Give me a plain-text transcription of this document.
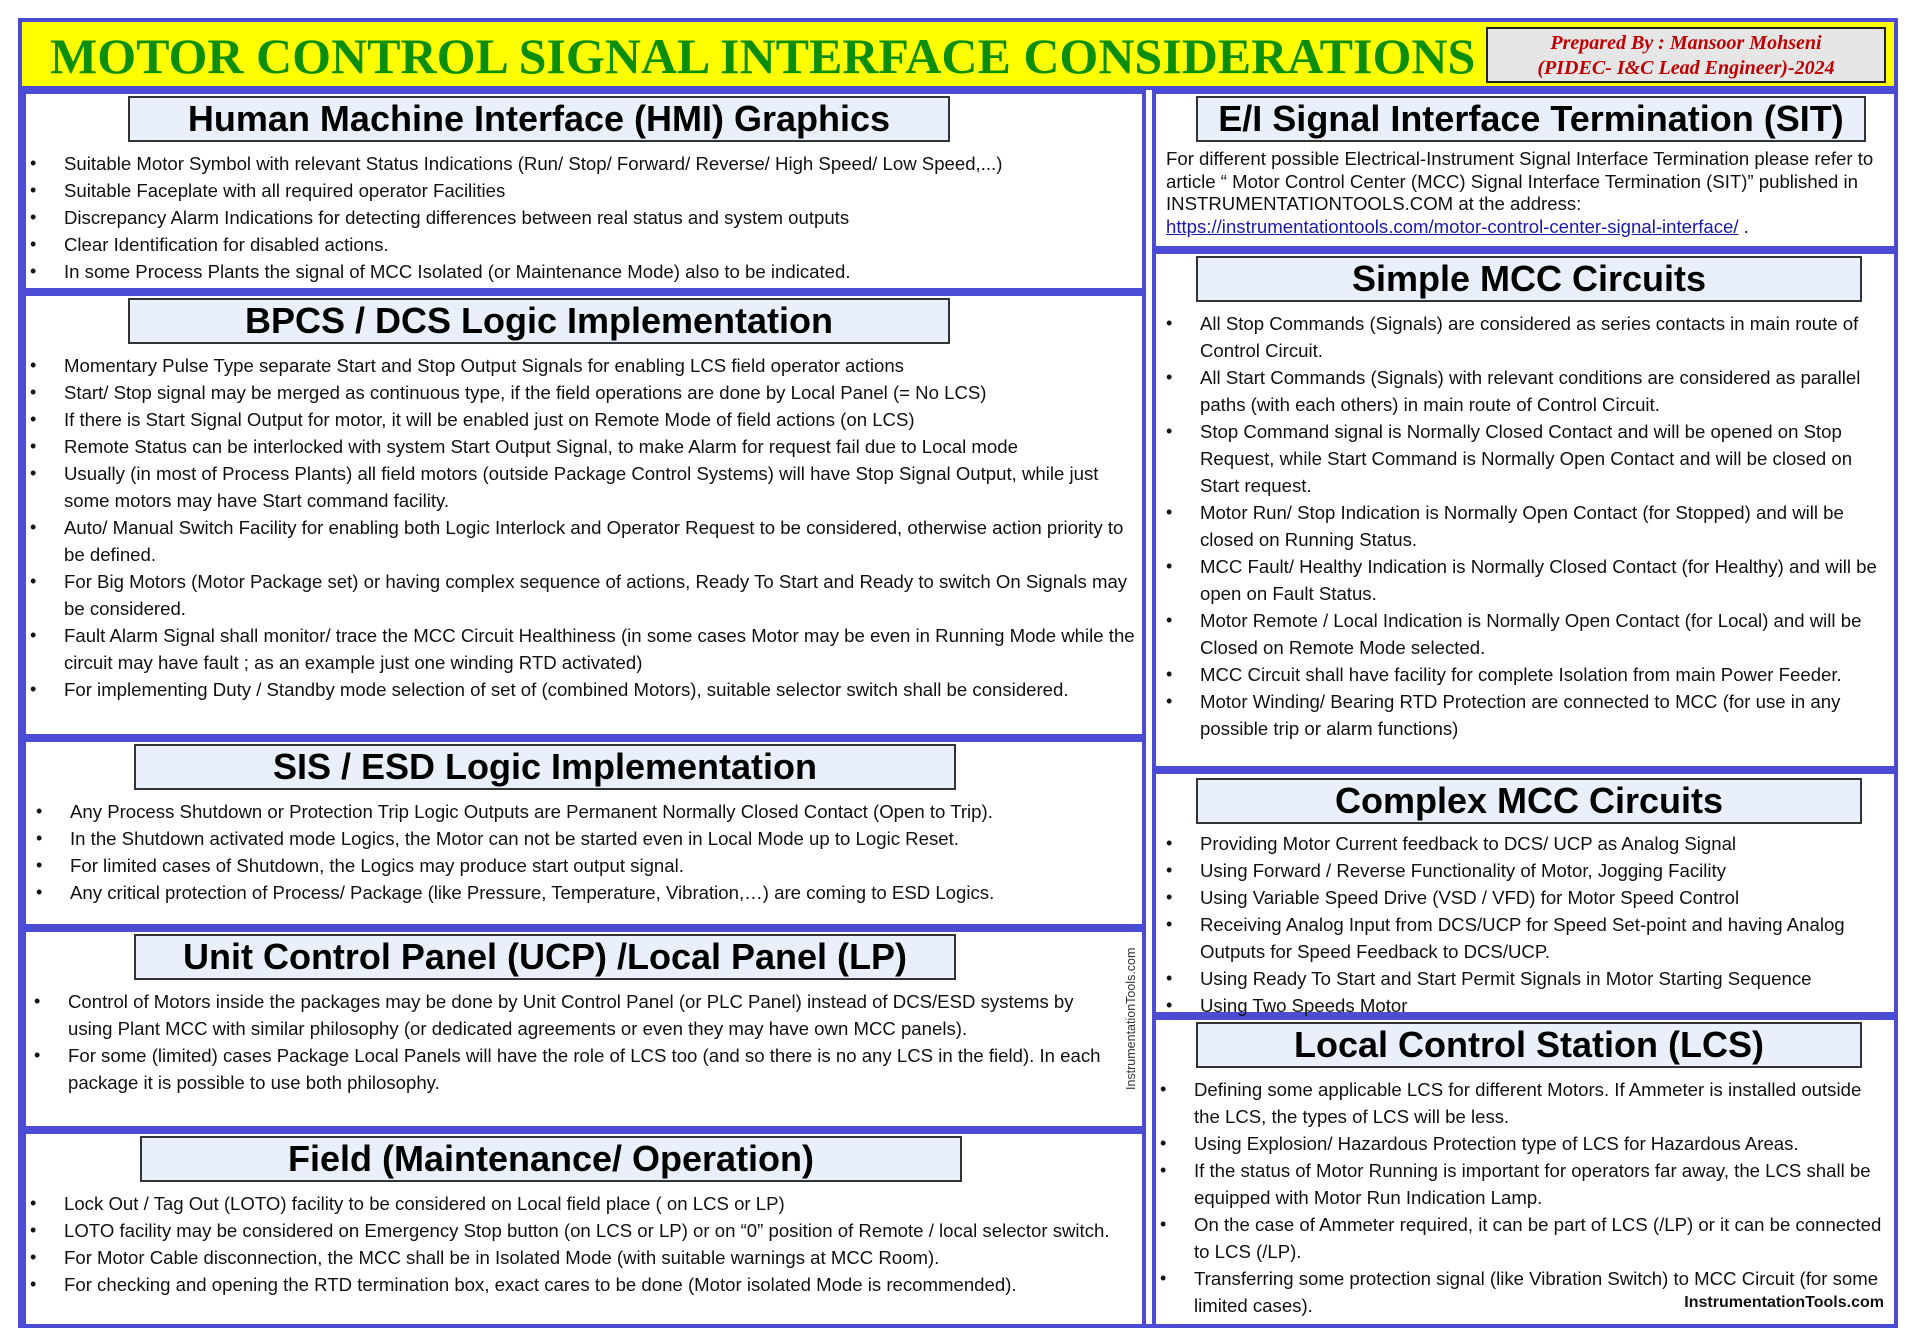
MOTOR CONTROL SIGNAL INTERFACE CONSIDERATIONS	Prepared By : Mansoor Mohseni
(PIDEC- I&C Lead Engineer)-2024
Human Machine Interface (HMI) Graphics
• Suitable Motor Symbol with relevant Status Indications (Run/ Stop/ Forward/ Reverse/ High Speed/ Low Speed,...)
• Suitable Faceplate with all required operator Facilities
• Discrepancy Alarm Indications for detecting differences between real status and system outputs
• Clear Identification for disabled actions.
• In some Process Plants the signal of MCC Isolated (or Maintenance Mode) also to be indicated.
BPCS / DCS Logic Implementation
• Momentary Pulse Type separate Start and Stop Output Signals for enabling LCS field operator actions
• Start/ Stop signal may be merged as continuous type, if the field operations are done by Local Panel (= No LCS)
• If there is Start Signal Output for motor, it will be enabled just on Remote Mode of field actions (on LCS)
• Remote Status can be interlocked with system Start Output Signal, to make Alarm for request fail due to Local mode
• Usually (in most of Process Plants) all field motors (outside Package Control Systems) will have Stop Signal Output, while just some motors may have Start command facility.
• Auto/ Manual Switch Facility for enabling both Logic Interlock and Operator Request to be considered, otherwise action priority to be defined.
• For Big Motors (Motor Package set) or having complex sequence of actions, Ready To Start and Ready to switch On Signals may be considered.
• Fault Alarm Signal shall monitor/ trace the MCC Circuit Healthiness (in some cases Motor may be even in Running Mode while the circuit may have fault ; as an example just one winding RTD activated)
• For implementing Duty / Standby mode selection of set of (combined Motors), suitable selector switch shall be considered.
SIS / ESD Logic Implementation
• Any Process Shutdown or Protection Trip Logic Outputs are Permanent Normally Closed Contact (Open to Trip).
• In the Shutdown activated mode Logics, the Motor can not be started even in Local Mode up to Logic Reset.
• For limited cases of Shutdown, the Logics may produce start output signal.
• Any critical protection of Process/ Package (like Pressure, Temperature, Vibration,…) are coming to ESD Logics.
Unit Control Panel (UCP) /Local Panel (LP)
• Control of Motors inside the packages may be done by Unit Control Panel (or PLC Panel) instead of DCS/ESD systems by using Plant MCC with similar philosophy (or dedicated agreements or even they may have own MCC panels).
• For some (limited) cases Package Local Panels will have the role of LCS too (and so there is no any LCS in the field). In each package it is possible to use both philosophy.
Field (Maintenance/ Operation)
• Lock Out / Tag Out (LOTO) facility to be considered on Local field place ( on LCS or LP)
• LOTO facility may be considered on Emergency Stop button (on LCS or LP) or on “0” position of Remote / local selector switch.
• For Motor Cable disconnection, the MCC shall be in Isolated Mode (with suitable warnings at MCC Room).
• For checking and opening the RTD termination box, exact cares to be done (Motor isolated Mode is recommended).
E/I Signal Interface Termination (SIT)
For different possible Electrical-Instrument Signal Interface Termination please refer to article “ Motor Control Center (MCC) Signal Interface Termination (SIT)” published in INSTRUMENTATIONTOOLS.COM at the address:
https://instrumentationtools.com/motor-control-center-signal-interface/ .
Simple MCC Circuits
• All Stop Commands (Signals) are considered as series contacts in main route of Control Circuit.
• All Start Commands (Signals) with relevant conditions are considered as parallel paths (with each others) in main route of Control Circuit.
• Stop Command signal is Normally Closed Contact and will be opened on Stop Request, while Start Command is Normally Open Contact and will be closed on Start request.
• Motor Run/ Stop Indication is Normally Open Contact (for Stopped) and will be closed on Running Status.
• MCC Fault/ Healthy Indication is Normally Closed Contact (for Healthy) and will be open on Fault Status.
• Motor Remote / Local Indication is Normally Open Contact (for Local) and will be Closed on Remote Mode selected.
• MCC Circuit shall have facility for complete Isolation from main Power Feeder.
• Motor Winding/ Bearing RTD Protection are connected to MCC (for use in any possible trip or alarm functions)
Complex MCC Circuits
• Providing Motor Current feedback to DCS/ UCP as Analog Signal
• Using Forward / Reverse Functionality of Motor, Jogging Facility
• Using Variable Speed Drive (VSD / VFD) for Motor Speed Control
• Receiving Analog Input from DCS/UCP for Speed Set-point and having Analog Outputs for Speed Feedback to DCS/UCP.
• Using Ready To Start and Start Permit Signals in Motor Starting Sequence
• Using Two Speeds Motor
Local Control Station (LCS)
• Defining some applicable LCS for different Motors. If Ammeter is installed outside the LCS, the types of LCS will be less.
• Using Explosion/ Hazardous Protection type of LCS for Hazardous Areas.
• If the status of Motor Running is important for operators far away, the LCS shall be equipped with Motor Run Indication Lamp.
• On the case of Ammeter required, it can be part of LCS (/LP) or it can be connected to LCS (/LP).
• Transferring some protection signal (like Vibration Switch) to MCC Circuit (for some limited cases).	InstrumentationTools.com
InstrumentationTools.com
